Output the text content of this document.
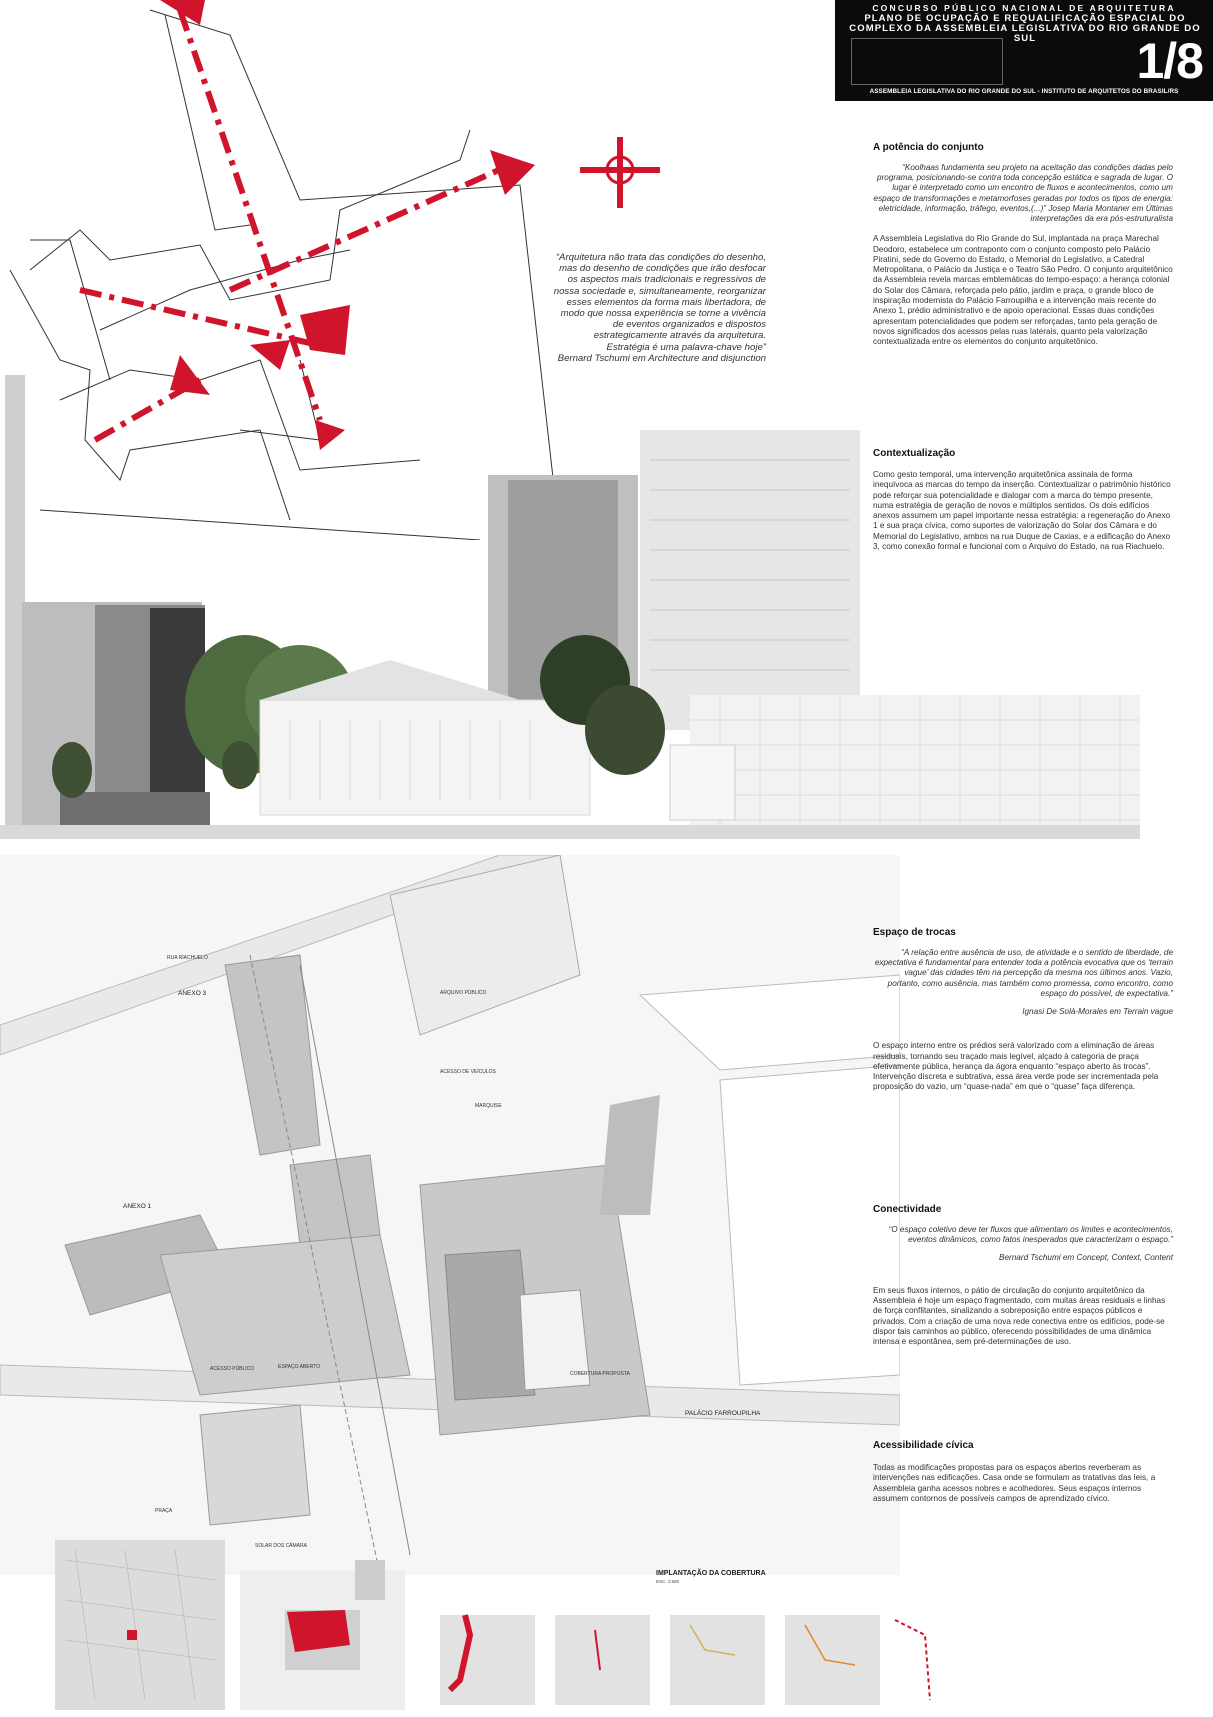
CONCURSO PÚBLICO NACIONAL DE ARQUITETURA
PLANO DE OCUPAÇÃO E REQUALIFICAÇÃO ESPACIAL DO
COMPLEXO DA ASSEMBLEIA LEGISLATIVA DO RIO GRANDE DO SUL	1/8
ASSEMBLEIA LEGISLATIVA DO RIO GRANDE DO SUL - INSTITUTO DE ARQUITETOS DO BRASIL/RS
“Arquitetura não trata das condições do desenho, mas do desenho de condições que irão desfocar os aspectos mais tradicionais e regressivos de nossa sociedade e, simultaneamente, reorganizar esses elementos da forma mais libertadora, de modo que nossa experiência se torne a vivência de eventos organizados e dispostos estrategicamente através da arquitetura. Estratégia é uma palavra-chave hoje”
Bernard Tschumi em Architecture and disjunction
A potência do conjunto
“Koolhaas fundamenta seu projeto na aceitação das condições dadas pelo programa, posicionando-se contra toda concepção estática e sagrada de lugar. O lugar é interpretado como um encontro de fluxos e acontecimentos, como um espaço de transformações e metamorfoses geradas por todos os tipos de energia: eletricidade, informação, tráfego, eventos,(...)” Josep Maria Montaner em Últimas interpretações da era pós-estruturalista
A Assembleia Legislativa do Rio Grande do Sul, implantada na praça Marechal Deodoro, estabelece um contraponto com o conjunto composto pelo Palácio Piratini, sede do Governo do Estado, o Memorial do Legislativo, a Catedral Metropolitana, o Palácio da Justiça e o Teatro São Pedro. O conjunto arquitetônico da Assembleia revela marcas emblemáticas do tempo-espaço: a herança colonial do Solar dos Câmara, reforçada pelo pátio, jardim e praça, o grande bloco de inspiração modernista do Palácio Farroupilha e a intervenção mais recente do Anexo 1, prédio administrativo e de apoio operacional. Essas duas condições apresentam potencialidades que podem ser reforçadas, tanto pela geração de novos significados dos acessos pelas ruas laterais, quanto pela valorização contextualizada entre os elementos do conjunto arquitetônico.
Contextualização
Como gesto temporal, uma intervenção arquitetônica assinala de forma inequívoca as marcas do tempo da inserção. Contextualizar o patrimônio histórico pode reforçar sua potencialidade e dialogar com a marca do tempo presente, numa estratégia de geração de novos e múltiplos sentidos. Os dois edifícios anexos assumem um papel importante nessa estratégia: a regeneração do Anexo 1 e sua praça cívica, como suportes de valorização do Solar dos Câmara e do Memorial do Legislativo, ambos na rua Duque de Caxias, e a edificação do Anexo 3, como conexão formal e funcional com o Arquivo do Estado, na rua Riachuelo.
RUA RIACHUELO
ANEXO 3	ARQUIVO PÚBLICO
ACESSO DE VEÍCULOS
MARQUISE
ANEXO 1
ACESSO PÚBLICO	ESPAÇO ABERTO
COBERTURA PROPOSTA
PALÁCIO FARROUPILHA
PRAÇA
SOLAR DOS CÂMARA
IMPLANTAÇÃO DA COBERTURA
ESC. 1:500
Espaço de trocas
“A relação entre ausência de uso, de atividade e o sentido de liberdade, de expectativa é fundamental para entender toda a potência evocativa que os ‘terrain vague’ das cidades têm na percepção da mesma nos últimos anos. Vazio, portanto, como ausência, mas também como promessa, como encontro, como espaço do possível, de expectativa.”
Ignasi De Solà-Morales em Terrain vague
O espaço interno entre os prédios será valorizado com a eliminação de áreas residuais, tornando seu traçado mais legível, alçado à categoria de praça efetivamente pública, herança da ágora enquanto “espaço aberto às trocas”. Intervenção discreta e subtrativa, essa área verde pode ser incrementada pela proposição do vazio, um “quase-nada” em que o “quase” faça diferença.
Conectividade
“O espaço coletivo deve ter fluxos que alimentam os limites e acontecimentos, eventos dinâmicos, como fatos inesperados que caracterizam o espaço.”
Bernard Tschumi em Concept, Context, Content
Em seus fluxos internos, o pátio de circulação do conjunto arquitetônico da Assembleia é hoje um espaço fragmentado, com muitas áreas residuais e linhas de força conflitantes, sinalizando a sobreposição entre espaços públicos e privados. Com a criação de uma nova rede conectiva entre os edifícios, pode-se dispor tais caminhos ao público, oferecendo possibilidades de uma dinâmica intensa e espontânea, sem pré-determinações de uso.
Acessibilidade cívica
Todas as modificações propostas para os espaços abertos reverberam as intervenções nas edificações. Casa onde se formulam as tratativas das leis, a Assembleia ganha acessos nobres e acolhedores. Seus espaços internos assumem contornos de possíveis campos de aprendizado cívico.
